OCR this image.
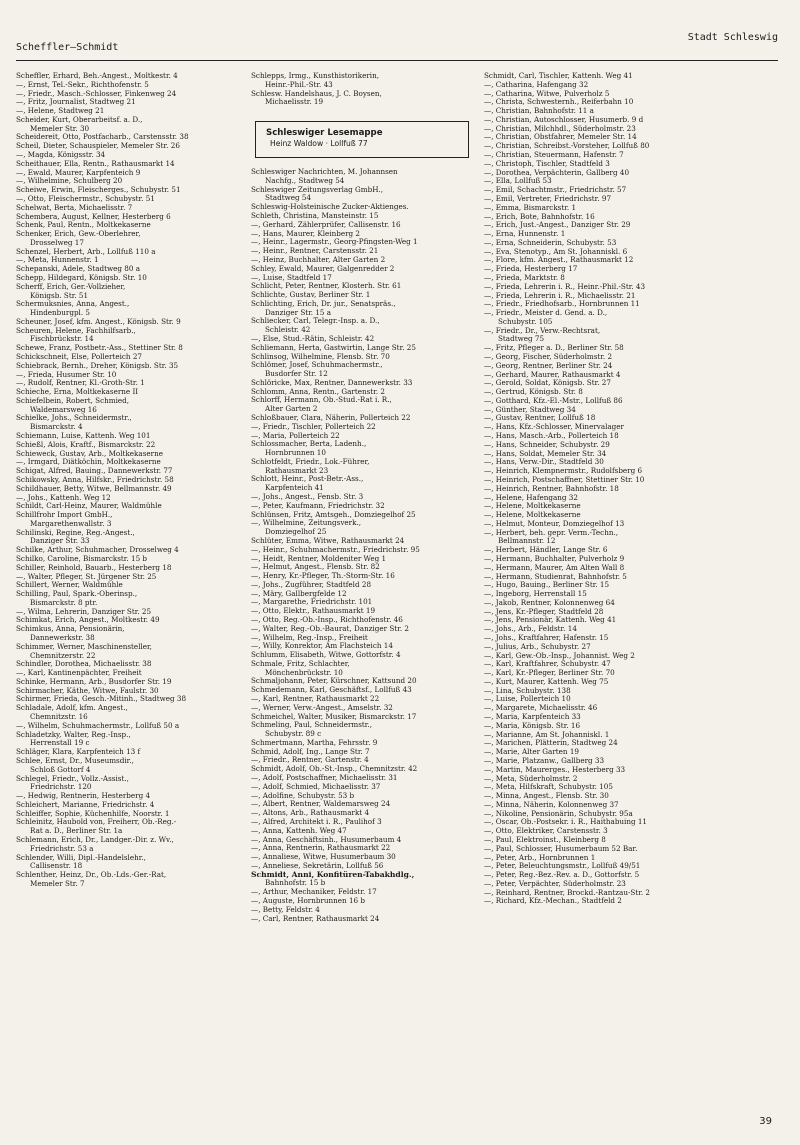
Scheffler—Schmidt
Stadt Schleswig
Scheffler, Erhard, Beh.-Angest., Moltkestr. 4
—, Ernst, Tel.-Sekr., Richthofenstr. 5
—, Friedr., Masch.-Schlosser, Finkenweg 24
—, Fritz, Journalist, Stadtweg 21
—, Helene, Stadtweg 21
Scheider, Kurt, Oberarbeitsf. a. D.,
Memeler Str. 30
Scheidereit, Otto, Postfacharb., Carstensstr. 38
Scheil, Dieter, Schauspieler, Memeler Str. 26
—, Magda, Königsstr. 34
Scheithauer, Ella, Rentn., Rathausmarkt 14
—, Ewald, Maurer, Karpfenteich 9
—, Wilhelmine, Schulberg 20
Scheiwe, Erwin, Fleischerges., Schubystr. 51
—, Otto, Fleischermstr., Schubystr. 51
Schelwat, Berta, Michaelisstr. 7
Schembera, August, Kellner, Hesterberg 6
Schenk, Paul, Rentn., Moltkekaserne
Schenker, Erich, Gew.-Oberlehrer,
Drosselweg 17
Schenzel, Herbert, Arb., Lollfuß 110 a
—, Meta, Hunnenstr. 1
Schepanski, Adele, Stadtweg 80 a
Schepp, Hildegard, Königsb. Str. 10
Scherff, Erich, Ger.-Vollzieher,
Königsb. Str. 51
Schermuksnies, Anna, Angest.,
Hindenburgpl. 5
Scheuner, Josef, kfm. Angest., Königsb. Str. 9
Scheuren, Helene, Fachhilfsarb.,
Fischbrückstr. 14
Schewe, Franz, Postbetr.-Ass., Stettiner Str. 8
Schickschneit, Else, Pollerteich 27
Schiebrack, Bernh., Dreher, Königsb. Str. 35
—, Frieda, Husumer Str. 10
—, Rudolf, Rentner, Kl.-Groth-Str. 1
Schieche, Erna, Moltkekaserne II
Schiefelbein, Robert, Schmied,
Waldemarsweg 16
Schielke, Johs., Schneidermstr.,
Bismarckstr. 4
Schiemann, Luise, Kattenh. Weg 101
Schießl, Alois, Kraftf., Bismarckstr. 22
Schieweck, Gustav, Arb., Moltkekaserne
—, Irmgard, Diätköchin, Moltkekaserne
Schigat, Alfred, Bauing., Dannewerkstr. 77
Schikowsky, Anna, Hilfskr., Friedrichstr. 58
Schildhauer, Betty, Witwe, Bellmannstr. 49
—, Johs., Kattenh. Weg 12
Schildt, Carl-Heinz, Maurer, Waldmühle
Schillfrohr Import GmbH.,
Margarethenwallstr. 3
Schilinski, Regine, Reg.-Angest.,
Danziger Str. 33
Schilke, Arthur, Schuhmacher, Drosselweg 4
Schilko, Caroline, Bismarckstr. 15 b
Schiller, Reinhold, Bauarb., Hesterberg 18
—, Walter, Pfleger, St. Jürgener Str. 25
Schillert, Werner, Waldmühle
Schilling, Paul, Spark.-Oberinsp.,
Bismarckstr. 8 ptr.
—, Wilma, Lehrerin, Danziger Str. 25
Schimkat, Erich, Angest., Moltkestr. 49
Schimkus, Anna, Pensionärin,
Dannewerkstr. 38
Schimmer, Werner, Maschinensteller,
Chemnitzerstr. 22
Schindler, Dorothea, Michaelisstr. 38
—, Karl, Kantinenpächter, Freiheit
Schinke, Hermann, Arb., Busdorfer Str. 19
Schirmacher, Käthe, Witwe, Faulstr. 30
Schirmer, Frieda, Gesch.-Mitinh., Stadtweg 38
Schladale, Adolf, kfm. Angest.,
Chemnitzstr. 16
—, Wilhelm, Schuhmachermstr., Lollfuß 50 a
Schladetzky, Walter, Reg.-Insp.,
Herrenstall 19 c
Schläger, Klara, Karpfenteich 13 f
Schlee, Ernst, Dr., Museumsdir.,
Schloß Gottorf 4
Schlegel, Friedr., Vollz.-Assist.,
Friedrichstr. 120
—, Hedwig, Rentnerin, Hesterberg 4
Schleichert, Marianne, Friedrichstr. 4
Schleiffer, Sophie, Küchenhilfe, Noorstr. 1
Schleinitz, Haubold von, Freiherr, Ob.-Reg.-
Rat a. D., Berliner Str. 1a
Schlemann, Erich, Dr., Landger.-Dir. z. Wv.,
Friedrichstr. 53 a
Schlender, Willi, Dipl.-Handelslehr.,
Callisenstr. 18
Schlenther, Heinz, Dr., Ob.-Lds.-Ger.-Rat,
Memeler Str. 7
Schlepps, Irmg., Kunsthistorikerin,
Heinr.-Phil.-Str. 43
Schlesw. Handelshaus, J. C. Boysen,
Michaelisstr. 19
Schleswiger Lesemappe
Heinz Waldow · Lollfuß 77
Schleswiger Nachrichten, M. Johannsen
Nachfg., Stadtweg 54
Schleswiger Zeitungsverlag GmbH.,
Stadtweg 54
Schleswig-Holsteinische Zucker-Aktienges.
Schleth, Christina, Mansteinstr. 15
—, Gerhard, Zählerprüfer, Callisenstr. 16
—, Hans, Maurer, Kleinberg 2
—, Heinr., Lagermstr., Georg-Pfingsten-Weg 1
—, Heinr., Rentner, Carstensstr. 21
—, Heinz, Buchhalter, Alter Garten 2
Schley, Ewald, Maurer, Galgenredder 2
—, Luise, Stadtfeld 17
Schlicht, Peter, Rentner, Klosterh. Str. 61
Schlichte, Gustav, Berliner Str. 1
Schlichting, Erich, Dr. jur., Senatspräs.,
Danziger Str. 15 a
Schliecker, Carl, Telegr.-Insp. a. D.,
Schleistr. 42
—, Else, Stud.-Rätin, Schleistr. 42
Schliemann, Herta, Gastwirtin, Lange Str. 25
Schlinsog, Wilhelmine, Flensb. Str. 70
Schlömer, Josef, Schuhmachermstr.,
Busdorfer Str. 12
Schlöricke, Max, Rentner, Dannewerkstr. 33
Schlomm, Anna, Rentn., Gartenstr. 2
Schlorff, Hermann, Ob.-Stud.-Rat i. R.,
Alter Garten 2
Schloßbauer, Clara, Näherin, Pollerteich 22
—, Friedr., Tischler, Pollerteich 22
—, Maria, Pollerteich 22
Schlossmacher, Berta, Ladenh.,
Hornbrunnen 10
Schlotfeldt, Friedr., Lok.-Führer,
Rathausmarkt 23
Schlott, Heinr., Post-Betr.-Ass.,
Karpfenteich 41
—, Johs., Angest., Fensb. Str. 3
—, Peter, Kaufmann, Friedrichstr. 32
Schlünsen, Fritz, Amtsgeh., Domziegelhof 25
—, Wilhelmine, Zeitungsverk.,
Domziegelhof 25
Schlüter, Emma, Witwe, Rathausmarkt 24
—, Heinr., Schuhmachermstr., Friedrichstr. 95
—, Heidt, Rentner, Moldeniter Weg 1
—, Helmut, Angest., Flensb. Str. 82
—, Henry, Kr.-Pfleger, Th.-Storm-Str. 16
—, Johs., Zugführer, Stadtfeld 28
—, Märy, Gallbergfelde 12
—, Margarethe, Friedrichstr. 101
—, Otto, Elektr., Rathausmarkt 19
—, Otto, Reg.-Ob.-Insp., Richthofenstr. 46
—, Walter, Reg.-Ob.-Baurat, Danziger Str. 2
—, Wilhelm, Reg.-Insp., Freiheit
—, Willy, Konrektor, Am Flachsteich 14
Schlumm, Elisabeth, Witwe, Gottorfstr. 4
Schmale, Fritz, Schlachter,
Mönchenbrückstr. 10
Schmaljohann, Peter, Kürschner, Kattsund 20
Schmedemann, Karl, Geschäftsf., Lollfuß 43
—, Karl, Rentner, Rathausmarkt 22
—, Werner, Verw.-Angest., Amselstr. 32
Schmeichel, Walter, Musiker, Bismarckstr. 17
Schmeling, Paul, Schneidermstr.,
Schubystr. 89 c
Schmertmann, Martha, Fehrsstr. 9
Schmid, Adolf, Ing., Lange Str. 7
—, Friedr., Rentner, Gartenstr. 4
Schmidt, Adolf, Ob.-St.-Insp., Chemnitzstr. 42
—, Adolf, Postschaffner, Michaelisstr. 31
—, Adolf, Schmied, Michaelisstr. 37
—, Adolfine, Schubystr. 53 b
—, Albert, Rentner, Waldemarsweg 24
—, Altons, Arb., Rathausmarkt 4
—, Alfred, Architekt i. R., Paulihof 3
—, Anna, Kattenh. Weg 47
—, Anna, Geschäftsinh., Husumerbaum 4
—, Anna, Rentnerin, Rathausmarkt 22
—, Annaliese, Witwe, Husumerbaum 30
—, Anneliese, Sekretärin, Lollfuß 56
Schmidt, Anni, Konfitüren-Tabakhdlg.,
Bahnhofstr. 15 b
—, Arthur, Mechaniker, Feldstr. 17
—, Auguste, Hornbrunnen 16 b
—, Betty, Feldstr. 4
—, Carl, Rentner, Rathausmarkt 24
Schmidt, Carl, Tischler, Kattenh. Weg 41
—, Catharina, Hafengang 32
—, Catharina, Witwe, Pulverholz 5
—, Christa, Schwesternh., Reiferbahn 10
—, Christian, Bahnhofstr. 11 a
—, Christian, Autoschlosser, Husumerb. 9 d
—, Christian, Milchhdl., Süderholmstr. 23
—, Christian, Obstfahrer, Memeler Str. 14
—, Christian, Schreibst.-Vorsteher, Lollfuß 80
—, Christian, Steuermann, Hafenstr. 7
—, Christoph, Tischler, Stadtfeld 3
—, Dorothea, Verpächterin, Gallberg 40
—, Ella, Lollfuß 53
—, Emil, Schachtmstr., Friedrichstr. 57
—, Emil, Vertreter, Friedrichstr. 97
—, Emma, Bismarckstr. 1
—, Erich, Bote, Bahnhofstr. 16
—, Erich, Just.-Angest., Danziger Str. 29
—, Erna, Hunnenstr. 1
—, Erna, Schneiderin, Schubystr. 53
—, Eva, Stenotyp., Am St. Johanniskl. 6
—, Flore, kfm. Angest., Rathausmarkt 12
—, Frieda, Hesterberg 17
—, Frieda, Marktstr. 8
—, Frieda, Lehrerin i. R., Heinr.-Phil.-Str. 43
—, Frieda, Lehrerin i. R., Michaelisstr. 21
—, Friedr., Friedhofsarb., Hornbrunnen 11
—, Friedr., Meister d. Gend. a. D.,
Schubystr. 105
—, Friedr., Dr., Verw.-Rechtsrat,
Stadtweg 75
—, Fritz, Pfleger a. D., Berliner Str. 58
—, Georg, Fischer, Süderholmstr. 2
—, Georg, Rentner, Berliner Str. 24
—, Gerhard, Maurer, Rathausmarkt 4
—, Gerold, Soldat, Königsb. Str. 27
—, Gertrud, Königsb. Str. 8
—, Gotthard, Kfz.-El.-Mstr., Lollfuß 86
—, Günther, Stadtweg 34
—, Gustav, Rentner, Lollfuß 18
—, Hans, Kfz.-Schlosser, Minervalager
—, Hans, Masch.-Arb., Pollerteich 18
—, Hans, Schneider, Schubystr. 29
—, Hans, Soldat, Memeler Str. 34
—, Hans, Verw.-Dir., Stadtfeld 30
—, Heinrich, Klempnermstr., Rudolfsberg 6
—, Heinrich, Postschaffner, Stettiner Str. 10
—, Heinrich, Rentner, Bahnhofstr. 18
—, Helene, Hafengang 32
—, Helene, Moltkekaserne
—, Helene, Moltkekaserne
—, Helmut, Monteur, Domziegelhof 13
—, Herbert, beh. gepr. Verm.-Techn.,
Bellmannstr. 12
—, Herbert, Händler, Lange Str. 6
—, Hermann, Buchhalter, Pulverholz 9
—, Hermann, Maurer, Am Alten Wall 8
—, Hermann, Studienrat, Bahnhofstr. 5
—, Hugo, Bauing., Berliner Str. 15
—, Ingeborg, Herrenstall 15
—, Jakob, Rentner, Kolonnenweg 64
—, Jens, Kr.-Pfleger, Stadtfeld 28
—, Jens, Pensionär, Kattenh. Weg 41
—, Johs., Arb., Feldstr. 14
—, Johs., Kraftfahrer, Hafenstr. 15
—, Julius, Arb., Schubystr. 27
—, Karl, Gew.-Ob.-Insp., Johannist. Weg 2
—, Karl, Kraftfahrer, Schubystr. 47
—, Karl, Kr.-Pfleger, Berliner Str. 70
—, Kurt, Maurer, Kattenh. Weg 75
—, Lina, Schubystr. 138
—, Luise, Pollerteich 10
—, Margarete, Michaelisstr. 46
—, Maria, Karpfenteich 33
—, Maria, Königsb. Str. 16
—, Marianne, Am St. Johanniskl. 1
—, Marichen, Plätterin, Stadtweg 24
—, Marie, Alter Garten 19
—, Marie, Platzanw., Gallberg 33
—, Martin, Maurerges., Hesterberg 33
—, Meta, Süderholmstr. 2
—, Meta, Hilfskraft, Schubystr. 105
—, Minna, Angest., Flensb. Str. 30
—, Minna, Näherin, Kolonnenweg 37
—, Nikoline, Pensionärin, Schubystr. 95a
—, Oscar, Ob.-Postsekr. i. R., Haithabuing 11
—, Otto, Elektriker, Carstensstr. 3
—, Paul, Elektroinst., Kleinberg 8
—, Paul, Schlosser, Husumerbaum 52 Bar.
—, Peter, Arb., Hornbrunnen 1
—, Peter, Beleuchtungsmstr., Lollfuß 49/51
—, Peter, Reg.-Bez.-Rev. a. D., Gottorfstr. 5
—, Peter, Verpächter, Süderholmstr. 23
—, Reinhard, Rentner, Brockd.-Rantzau-Str. 2
—, Richard, Kfz.-Mechan., Stadtfeld 2
39
